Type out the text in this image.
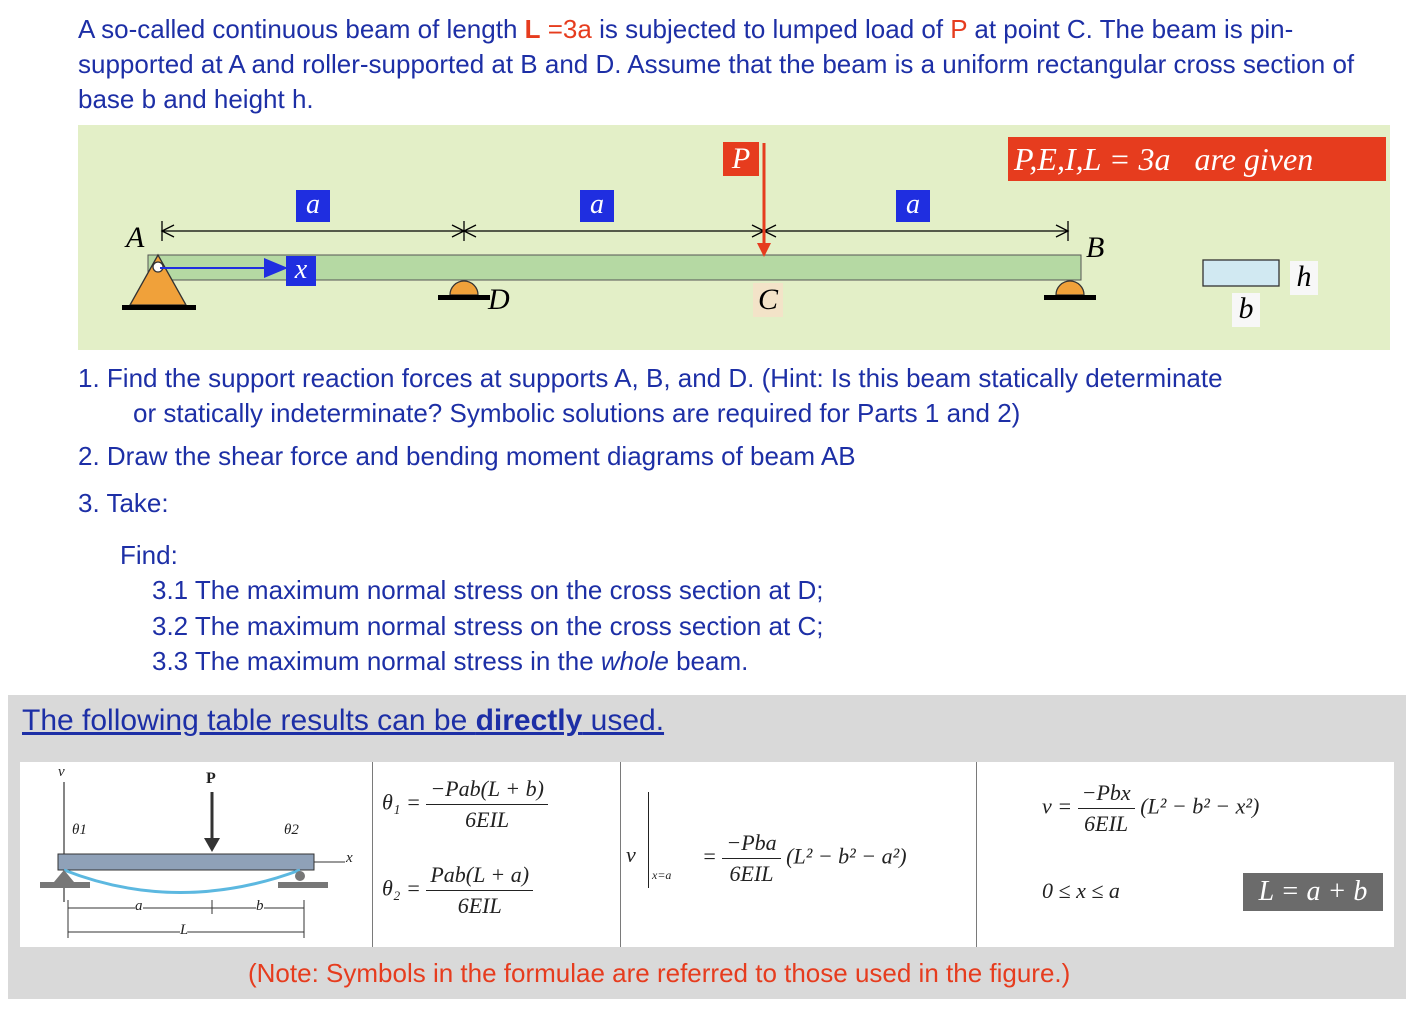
A so-called continuous beam of length L =3a is subjected to lumped load of P at point C. The beam is pin-supported at A and roller-supported at B and D. Assume that the beam is a uniform rectangular cross section of base b and height h.
a	a	a
P	P,E,I,L = 3a   are given
A	B
C
D
x	h
b
1. Find the support reaction forces at supports A, B, and D. (Hint: Is this beam statically determinate
or statically indeterminate? Symbolic solutions are required for Parts 1 and 2)
2. Draw the shear force and bending moment diagrams of beam AB
3. Take:
Find:
3.1 The maximum normal stress on the cross section at D;
3.2 The maximum normal stress on the cross section at C;
3.3 The maximum normal stress in the whole beam.
The following table results can be directly used.
v	P
θ1	θ2
x
a	b
L
$\theta_1 = \frac{\text{−Pab(L + b)}}{\text{6EIL}}$
$\theta_2 = \frac{\text{Pab(L + a)}}{\text{6EIL}}$
v
x=a
= $\frac{\text{−Pba}}{\text{6EIL}} (L^2 - b^2 - a^2)$
$v = \frac{\text{−Pbx}}{\text{6EIL}} (L^2 - b^2 - x^2)$
0 ≤ x ≤ a	L = a + b
(Note: Symbols in the formulae are referred to those used in the figure.)
